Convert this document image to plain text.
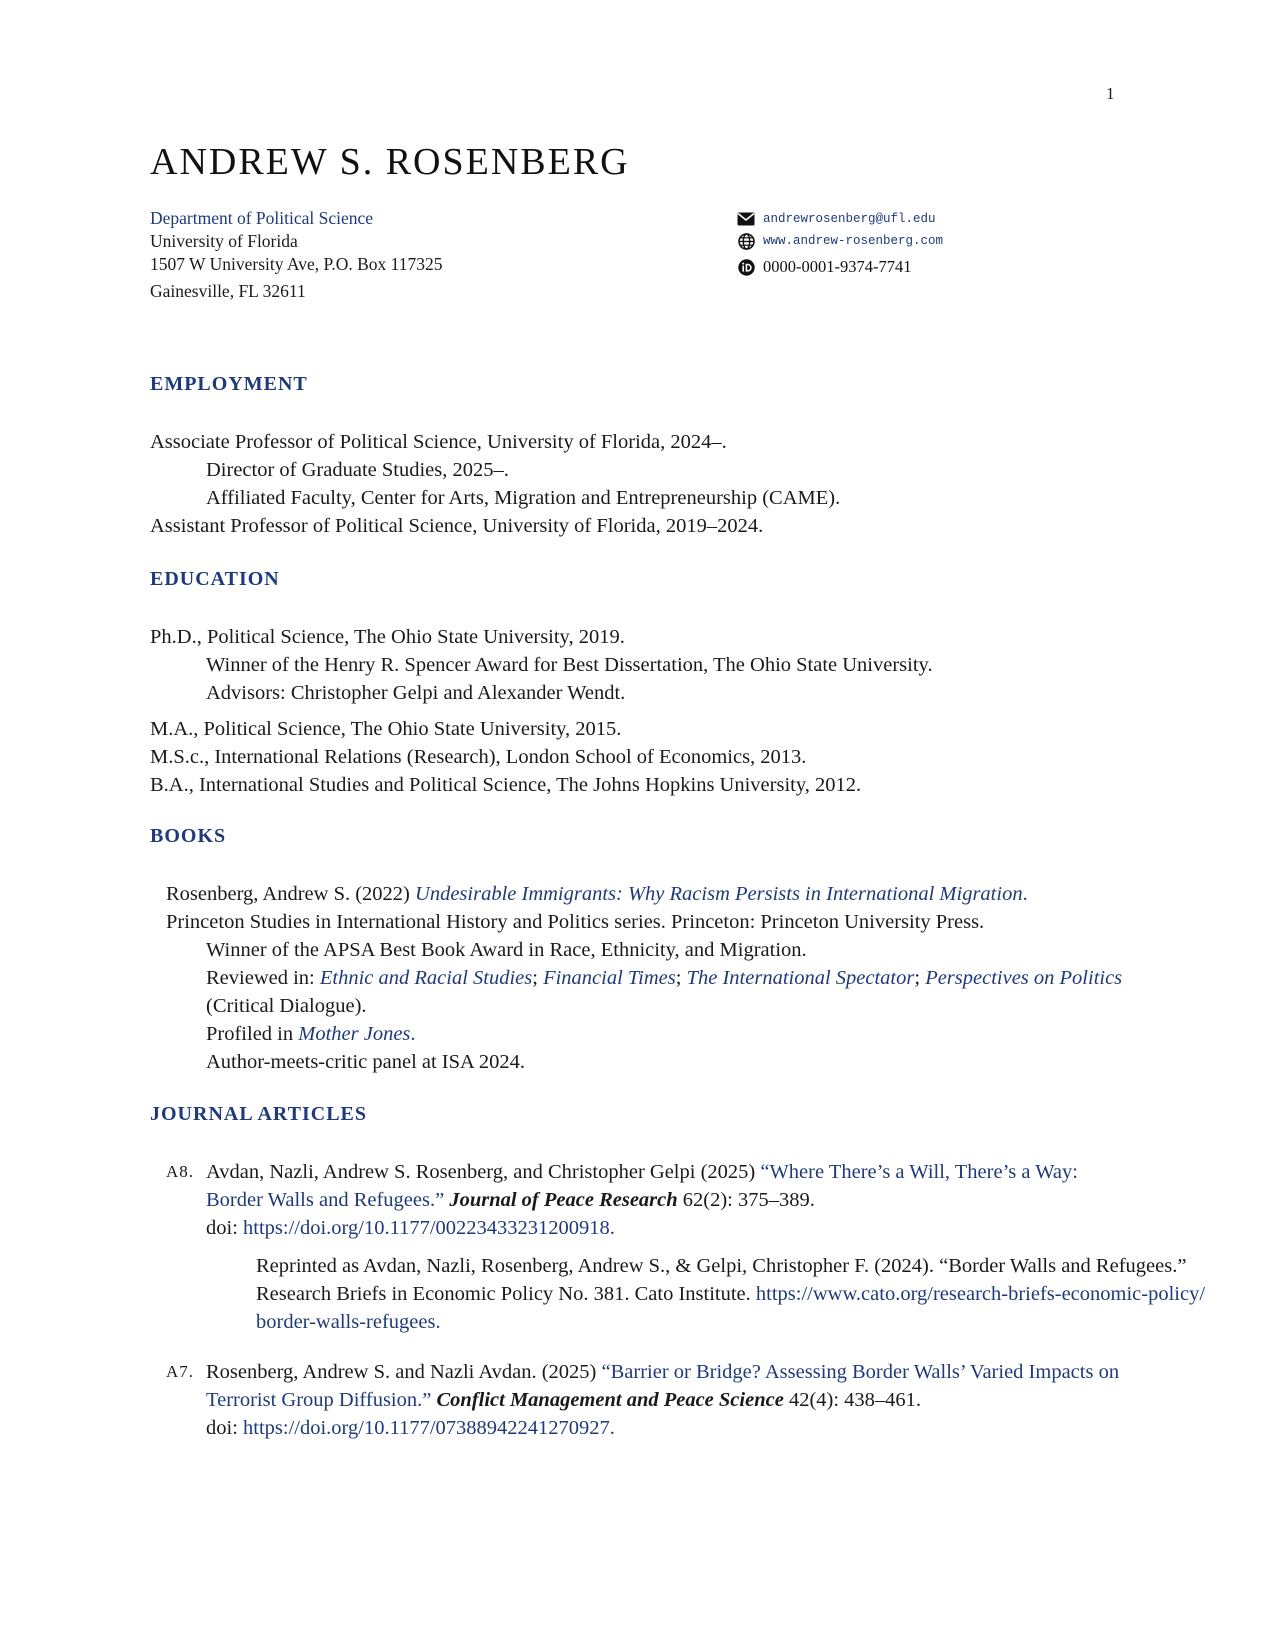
1
ANDREW S. ROSENBERG
Department of Political Science
University of Florida
1507 W University Ave, P.O. Box 117325
Gainesville, FL 32611
andrewrosenberg@ufl.edu
www.andrew-rosenberg.com
0000-0001-9374-7741
EMPLOYMENT
Associate Professor of Political Science, University of Florida, 2024–.
Director of Graduate Studies, 2025–.
Affiliated Faculty, Center for Arts, Migration and Entrepreneurship (CAME).
Assistant Professor of Political Science, University of Florida, 2019–2024.
EDUCATION
Ph.D., Political Science, The Ohio State University, 2019.
Winner of the Henry R. Spencer Award for Best Dissertation, The Ohio State University.
Advisors: Christopher Gelpi and Alexander Wendt.
M.A., Political Science, The Ohio State University, 2015.
M.S.c., International Relations (Research), London School of Economics, 2013.
B.A., International Studies and Political Science, The Johns Hopkins University, 2012.
BOOKS
Rosenberg, Andrew S. (2022) Undesirable Immigrants: Why Racism Persists in International Migration.
Princeton Studies in International History and Politics series. Princeton: Princeton University Press.
Winner of the APSA Best Book Award in Race, Ethnicity, and Migration.
Reviewed in: Ethnic and Racial Studies; Financial Times; The International Spectator; Perspectives on Politics (Critical Dialogue).
Profiled in Mother Jones.
Author-meets-critic panel at ISA 2024.
JOURNAL ARTICLES
A8. Avdan, Nazli, Andrew S. Rosenberg, and Christopher Gelpi (2025) “Where There’s a Will, There’s a Way: Border Walls and Refugees.” Journal of Peace Research 62(2): 375–389.
doi: https://doi.org/10.1177/00223433231200918.
Reprinted as Avdan, Nazli, Rosenberg, Andrew S., & Gelpi, Christopher F. (2024). “Border Walls and Refugees.” Research Briefs in Economic Policy No. 381. Cato Institute. https://www.cato.org/research-briefs-economic-policy/border-walls-refugees.
A7. Rosenberg, Andrew S. and Nazli Avdan. (2025) “Barrier or Bridge? Assessing Border Walls’ Varied Impacts on Terrorist Group Diffusion.” Conflict Management and Peace Science 42(4): 438–461.
doi: https://doi.org/10.1177/07388942241270927.
